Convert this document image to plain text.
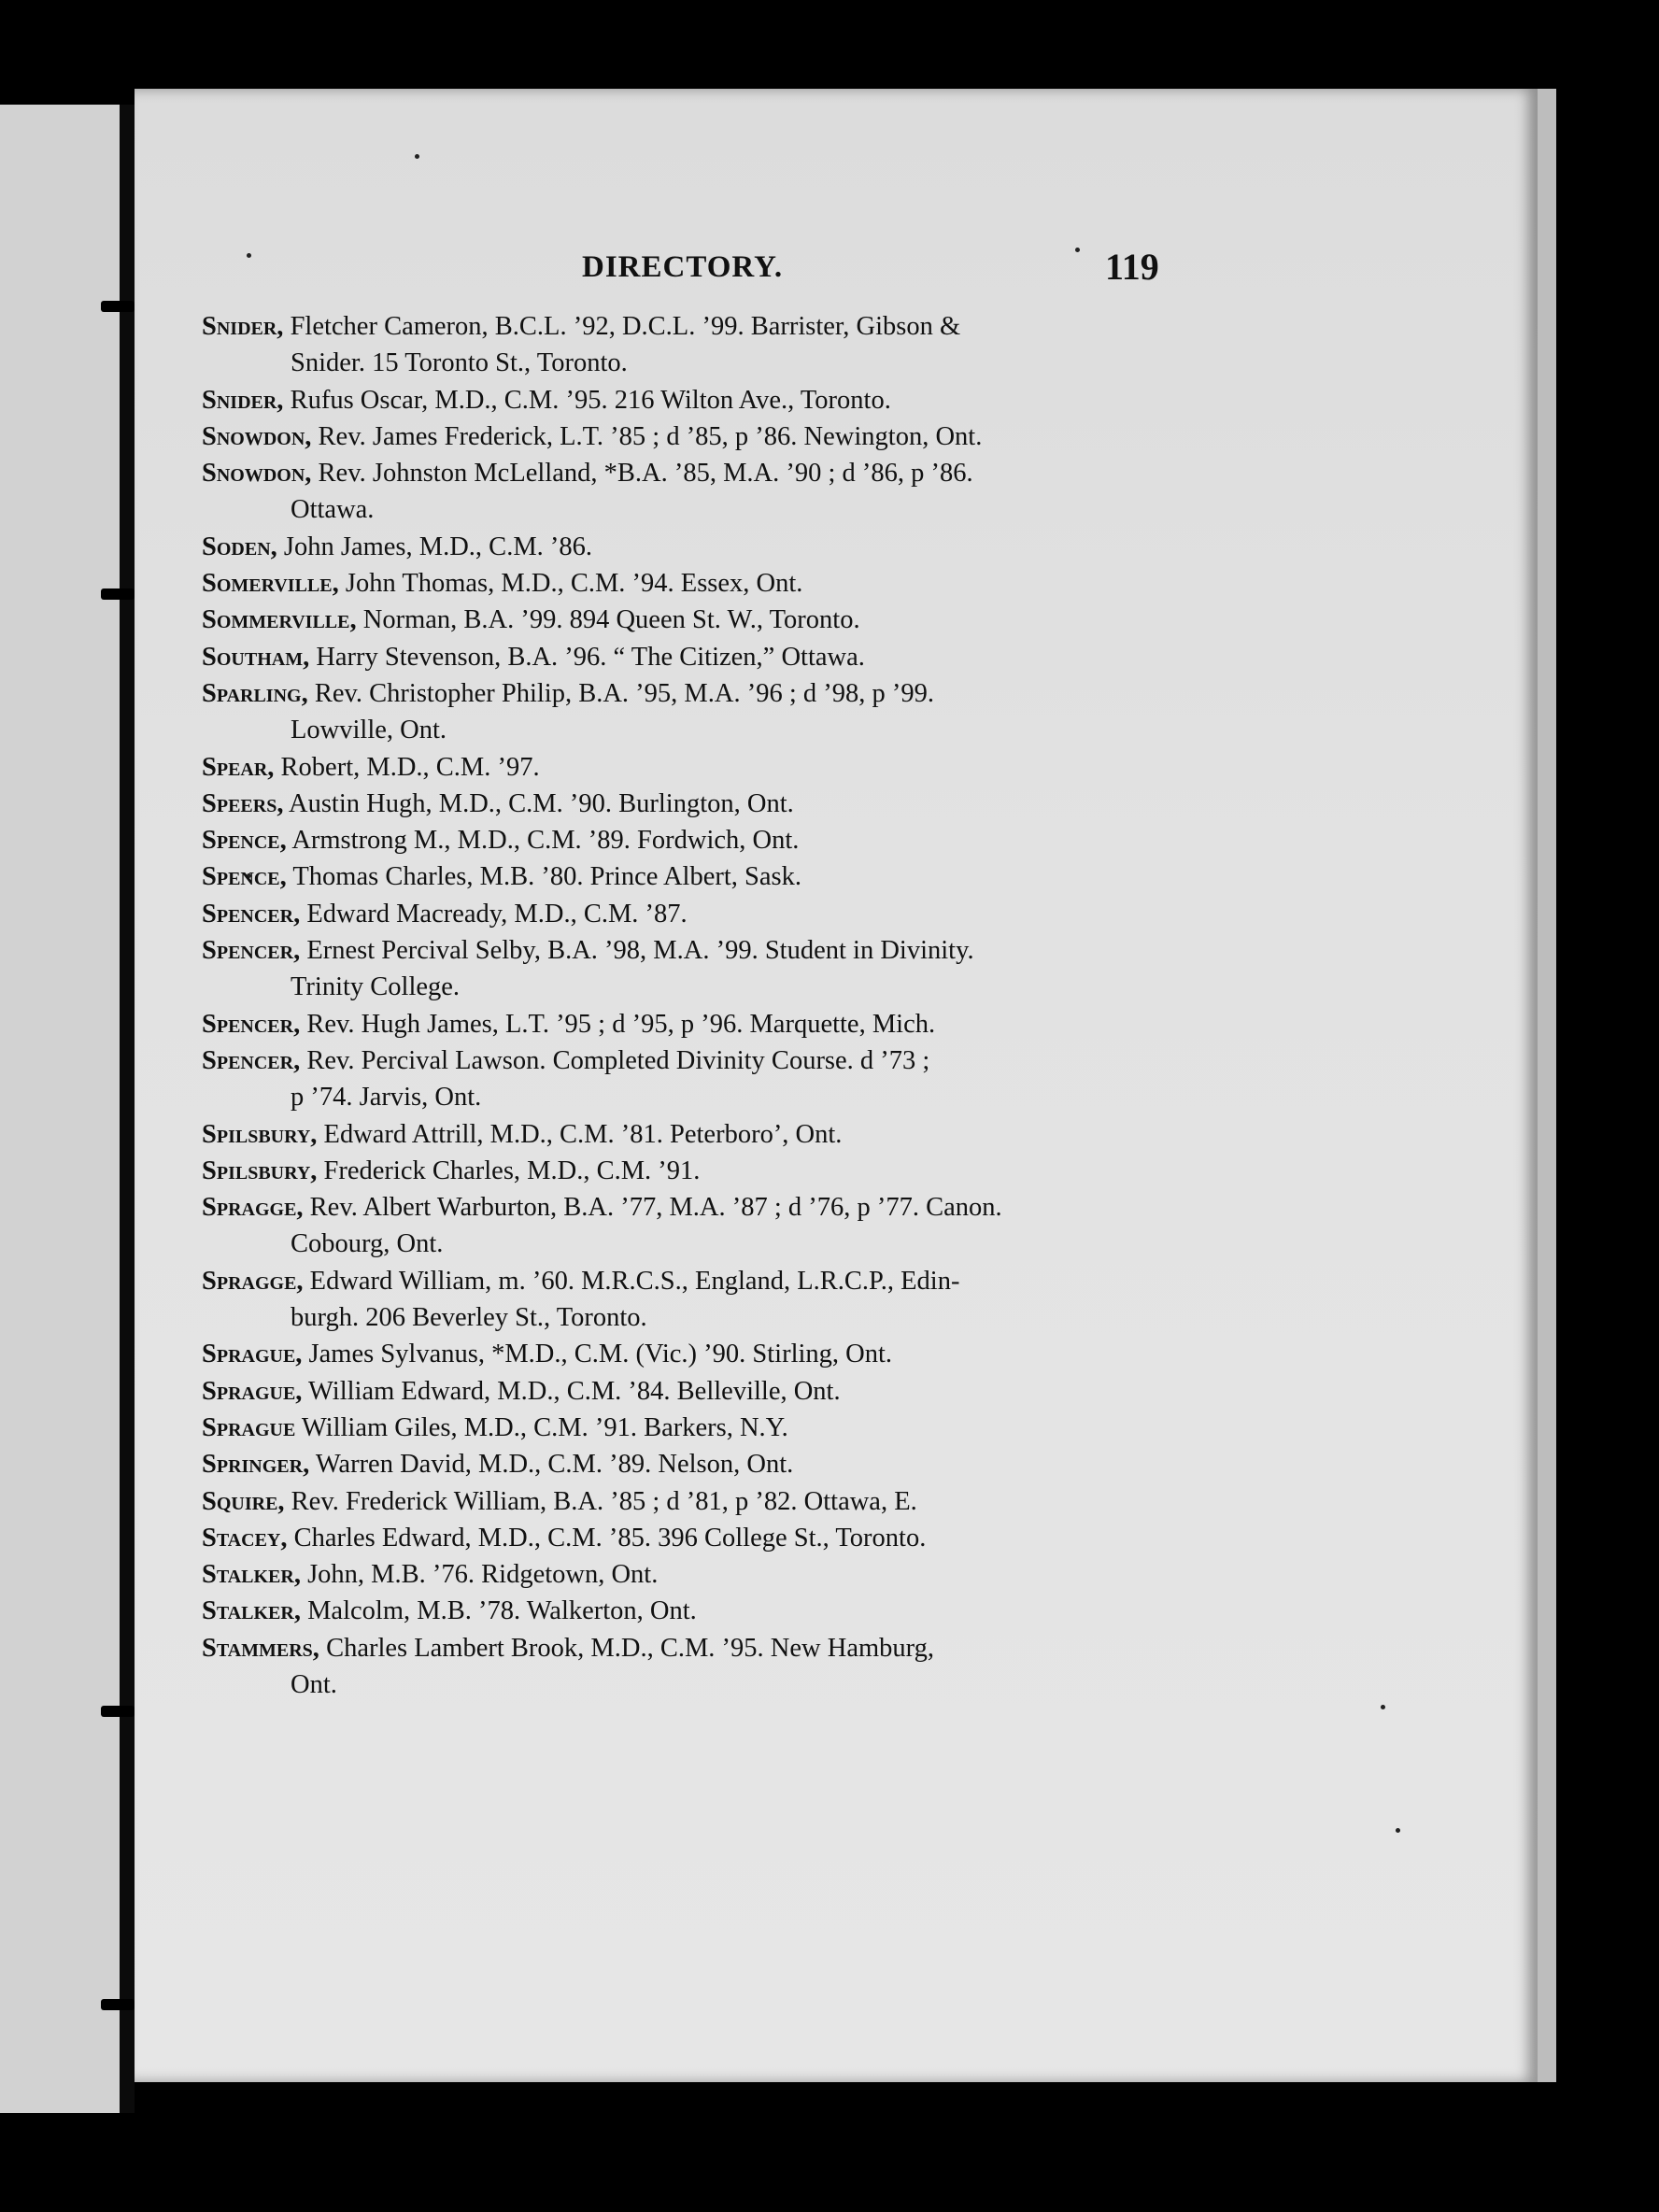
DIRECTORY.	119
Snider, Fletcher Cameron, B.C.L. ’92, D.C.L. ’99. Barrister, Gibson &
Snider. 15 Toronto St., Toronto.
Snider, Rufus Oscar, M.D., C.M. ’95. 216 Wilton Ave., Toronto.
Snowdon, Rev. James Frederick, L.T. ’85 ; d ’85, p ’86. Newington, Ont.
Snowdon, Rev. Johnston McLelland, *B.A. ’85, M.A. ’90 ; d ’86, p ’86.
Ottawa.
Soden, John James, M.D., C.M. ’86.
Somerville, John Thomas, M.D., C.M. ’94. Essex, Ont.
Sommerville, Norman, B.A. ’99. 894 Queen St. W., Toronto.
Southam, Harry Stevenson, B.A. ’96. “ The Citizen,” Ottawa.
Sparling, Rev. Christopher Philip, B.A. ’95, M.A. ’96 ; d ’98, p ’99.
Lowville, Ont.
Spear, Robert, M.D., C.M. ’97.
Speers, Austin Hugh, M.D., C.M. ’90. Burlington, Ont.
Spence, Armstrong M., M.D., C.M. ’89. Fordwich, Ont.
Spence, Thomas Charles, M.B. ’80. Prince Albert, Sask.
Spencer, Edward Macready, M.D., C.M. ’87.
Spencer, Ernest Percival Selby, B.A. ’98, M.A. ’99. Student in Divinity.
Trinity College.
Spencer, Rev. Hugh James, L.T. ’95 ; d ’95, p ’96. Marquette, Mich.
Spencer, Rev. Percival Lawson. Completed Divinity Course. d ’73 ;
p ’74. Jarvis, Ont.
Spilsbury, Edward Attrill, M.D., C.M. ’81. Peterboro’, Ont.
Spilsbury, Frederick Charles, M.D., C.M. ’91.
Spragge, Rev. Albert Warburton, B.A. ’77, M.A. ’87 ; d ’76, p ’77. Canon.
Cobourg, Ont.
Spragge, Edward William, m. ’60. M.R.C.S., England, L.R.C.P., Edin-
burgh. 206 Beverley St., Toronto.
Sprague, James Sylvanus, *M.D., C.M. (Vic.) ’90. Stirling, Ont.
Sprague, William Edward, M.D., C.M. ’84. Belleville, Ont.
Sprague William Giles, M.D., C.M. ’91. Barkers, N.Y.
Springer, Warren David, M.D., C.M. ’89. Nelson, Ont.
Squire, Rev. Frederick William, B.A. ’85 ; d ’81, p ’82. Ottawa, E.
Stacey, Charles Edward, M.D., C.M. ’85. 396 College St., Toronto.
Stalker, John, M.B. ’76. Ridgetown, Ont.
Stalker, Malcolm, M.B. ’78. Walkerton, Ont.
Stammers, Charles Lambert Brook, M.D., C.M. ’95. New Hamburg,
Ont.
